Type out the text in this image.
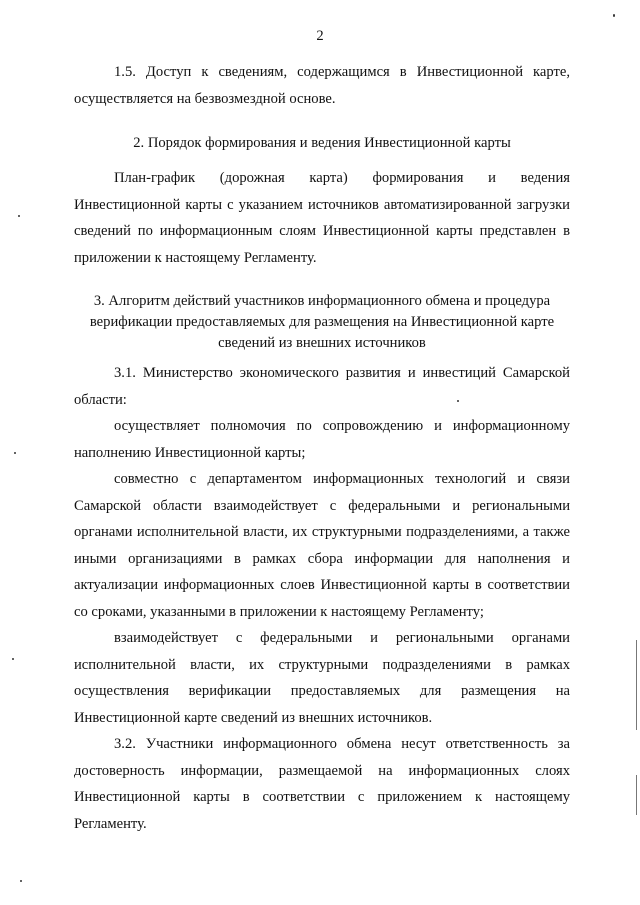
2
1.5. Доступ к сведениям, содержащимся в Инвестиционной карте, осуществляется на безвозмездной основе.
2. Порядок формирования и ведения Инвестиционной карты
План-график (дорожная карта) формирования и ведения Инвестиционной карты с указанием источников автоматизированной загрузки сведений по информационным слоям Инвестиционной карты представлен в приложении к настоящему Регламенту.
3. Алгоритм действий участников информационного обмена и процедура
верификации предоставляемых для размещения на Инвестиционной карте
сведений из внешних источников
3.1. Министерство экономического развития и инвестиций Самарской области:
осуществляет полномочия по сопровождению и информационному наполнению Инвестиционной карты;
совместно с департаментом информационных технологий и связи Самарской области взаимодействует с федеральными и региональными органами исполнительной власти, их структурными подразделениями, а также иными организациями в рамках сбора информации для наполнения и актуализации информационных слоев Инвестиционной карты в соответствии со сроками, указанными в приложении к настоящему Регламенту;
взаимодействует с федеральными и региональными органами исполнительной власти, их структурными подразделениями в рамках осуществления верификации предоставляемых для размещения на Инвестиционной карте сведений из внешних источников.
3.2. Участники информационного обмена несут ответственность за достоверность информации, размещаемой на информационных слоях Инвестиционной карты в соответствии с приложением к настоящему Регламенту.
